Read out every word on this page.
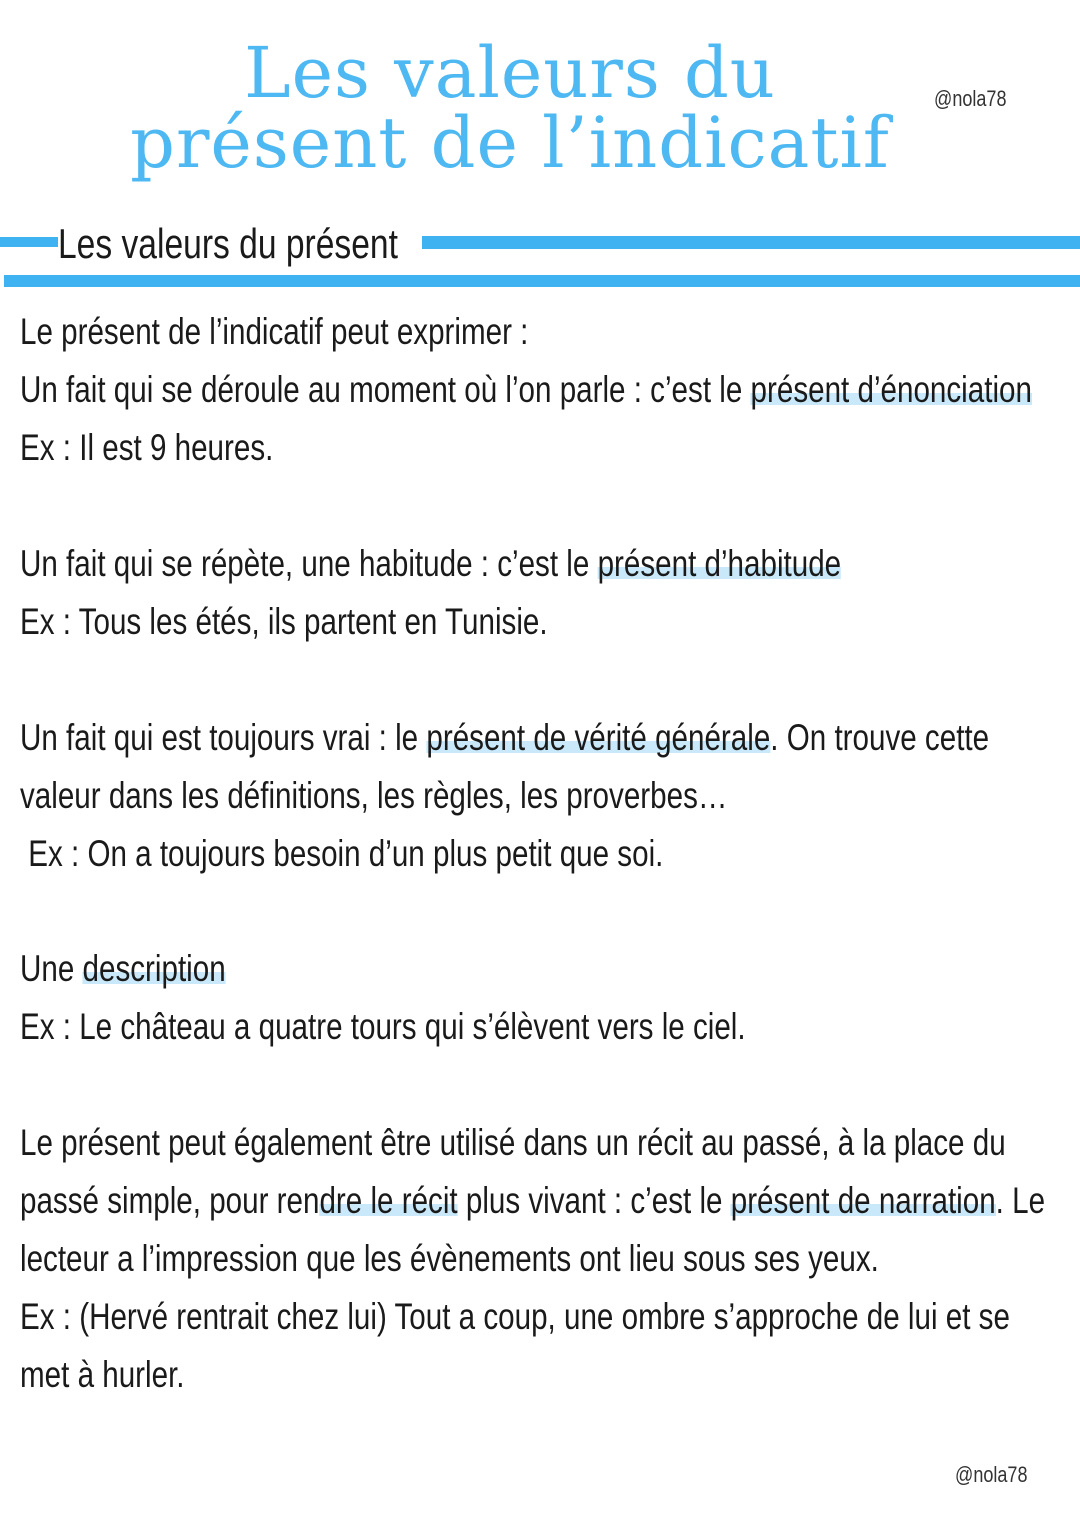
Les valeurs du
présent de l’indicatif
@nola78
Les valeurs du présent
Le présent de l’indicatif peut exprimer :
Un fait qui se déroule au moment où l’on parle : c’est le présent d’énonciation
Ex : Il est 9 heures.
Un fait qui se répète, une habitude : c’est le présent d’habitude
Ex : Tous les étés, ils partent en Tunisie.
Un fait qui est toujours vrai : le présent de vérité générale. On trouve cette
valeur dans les définitions, les règles, les proverbes…
Ex : On a toujours besoin d’un plus petit que soi.
Une description
Ex : Le château a quatre tours qui s’élèvent vers le ciel.
Le présent peut également être utilisé dans un récit au passé, à la place du
passé simple, pour rendre le récit plus vivant : c’est le présent de narration. Le
lecteur a l’impression que les évènements ont lieu sous ses yeux.
Ex : (Hervé rentrait chez lui) Tout a coup, une ombre s’approche de lui et se
met à hurler.
@nola78
